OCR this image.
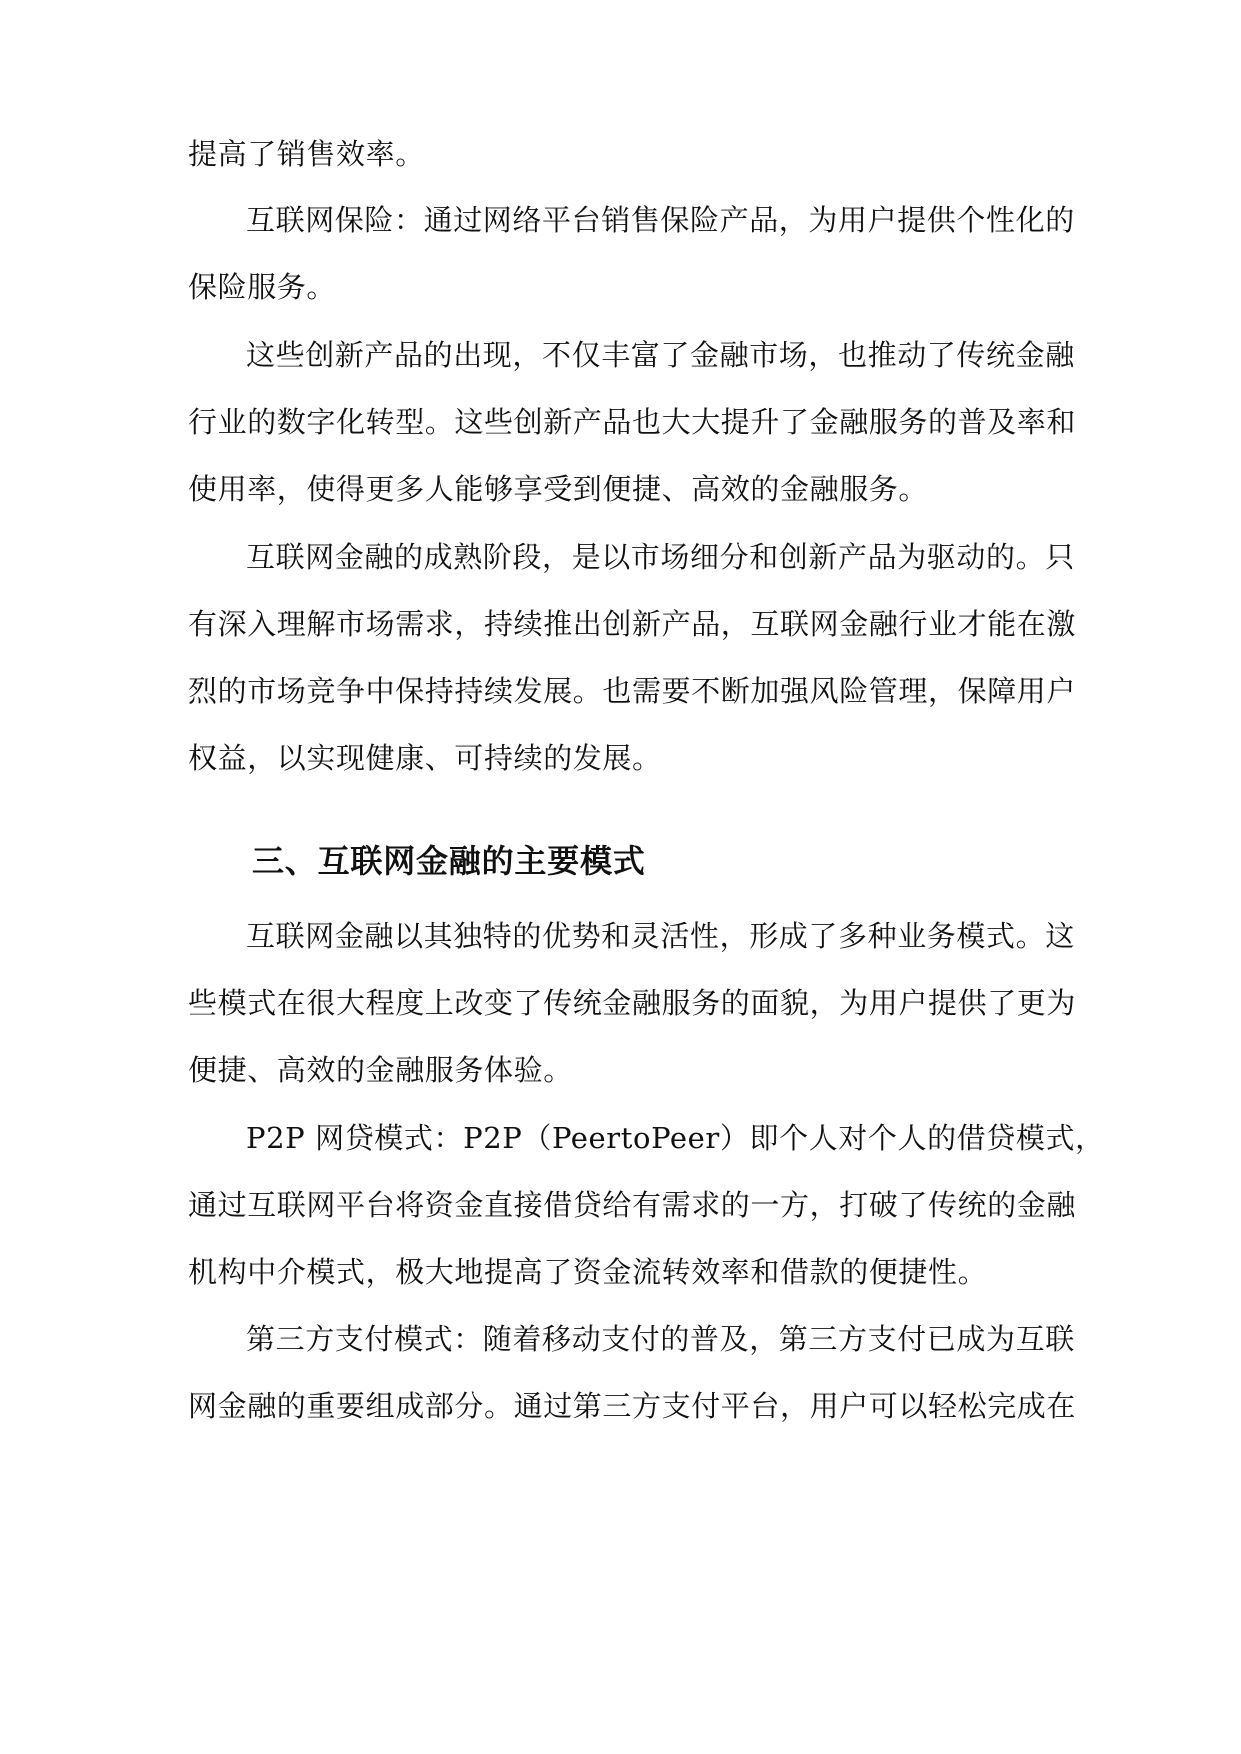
提高了销售效率。
互联网保险：通过网络平台销售保险产品，为用户提供个性化的
保险服务。
这些创新产品的出现，不仅丰富了金融市场，也推动了传统金融
行业的数字化转型。这些创新产品也大大提升了金融服务的普及率和
使用率，使得更多人能够享受到便捷、高效的金融服务。
互联网金融的成熟阶段，是以市场细分和创新产品为驱动的。只
有深入理解市场需求，持续推出创新产品，互联网金融行业才能在激
烈的市场竞争中保持持续发展。也需要不断加强风险管理，保障用户
权益，以实现健康、可持续的发展。
三、互联网金融的主要模式
互联网金融以其独特的优势和灵活性，形成了多种业务模式。这
些模式在很大程度上改变了传统金融服务的面貌，为用户提供了更为
便捷、高效的金融服务体验。
P2P 网贷模式：P2P（PeertoPeer）即个人对个人的借贷模式，
通过互联网平台将资金直接借贷给有需求的一方，打破了传统的金融
机构中介模式，极大地提高了资金流转效率和借款的便捷性。
第三方支付模式：随着移动支付的普及，第三方支付已成为互联
网金融的重要组成部分。通过第三方支付平台，用户可以轻松完成在
